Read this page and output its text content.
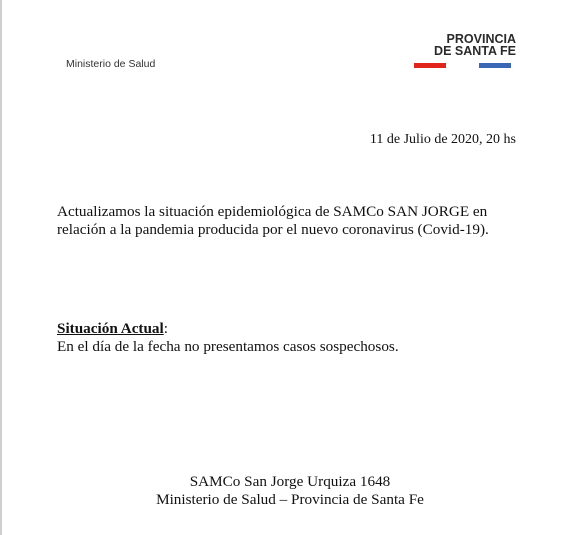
Ministerio de Salud
PROVINCIA
DE SANTA FE
11 de Julio de 2020, 20 hs
Actualizamos la situación epidemiológica de SAMCo SAN JORGE en relación a la pandemia producida por el nuevo coronavirus (Covid-19).
Situación Actual:
En el día de la fecha no presentamos casos sospechosos.
SAMCo San Jorge Urquiza 1648
Ministerio de Salud – Provincia de Santa Fe
